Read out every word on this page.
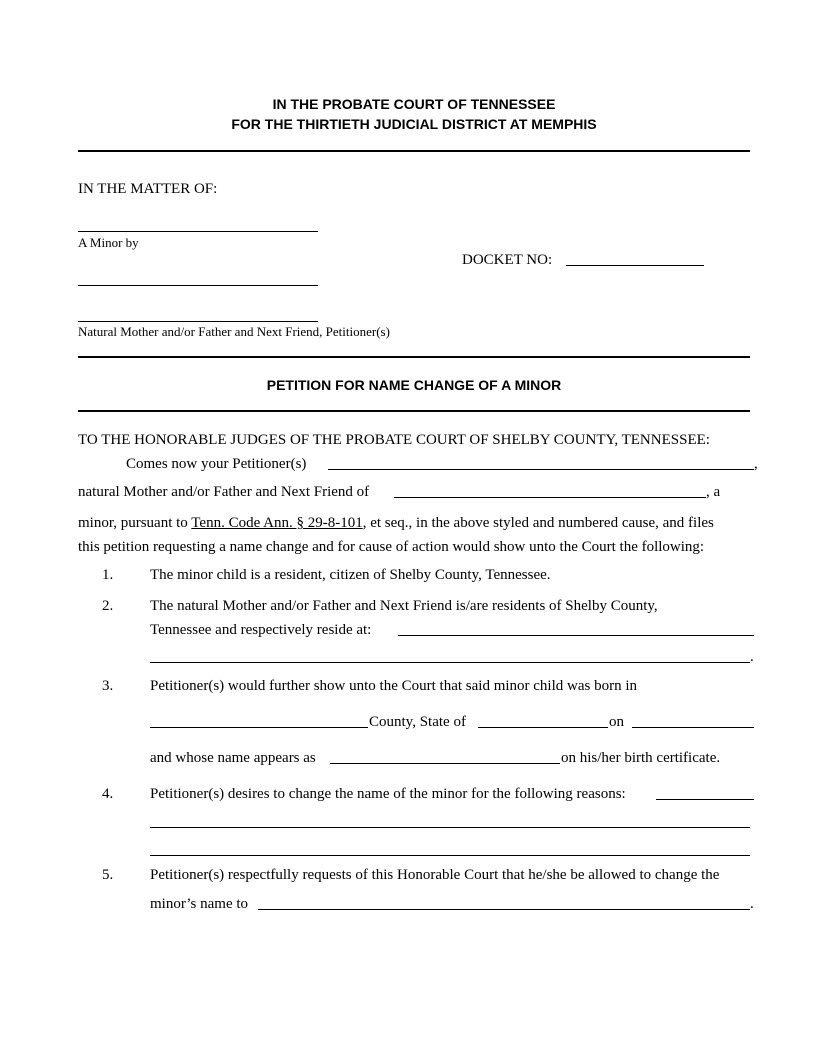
IN THE PROBATE COURT OF TENNESSEE
FOR THE THIRTIETH JUDICIAL DISTRICT AT MEMPHIS
IN THE MATTER OF:
A Minor by
DOCKET NO:
Natural Mother and/or Father and Next Friend, Petitioner(s)
PETITION FOR NAME CHANGE OF A MINOR
TO THE HONORABLE JUDGES OF THE PROBATE COURT OF SHELBY COUNTY, TENNESSEE:
Comes now your Petitioner(s)	,
natural Mother and/or Father and Next Friend of	, a
minor, pursuant to Tenn. Code Ann. § 29-8-101, et seq., in the above styled and numbered cause, and files
this petition requesting a name change and for cause of action would show unto the Court the following:
1. The minor child is a resident, citizen of Shelby County, Tennessee.
2. The natural Mother and/or Father and Next Friend is/are residents of Shelby County,
Tennessee and respectively reside at:
.
3. Petitioner(s) would further show unto the Court that said minor child was born in
County, State of	on
and whose name appears as	on his/her birth certificate.
4. Petitioner(s) desires to change the name of the minor for the following reasons:
5. Petitioner(s) respectfully requests of this Honorable Court that he/she be allowed to change the
minor’s name to	.
